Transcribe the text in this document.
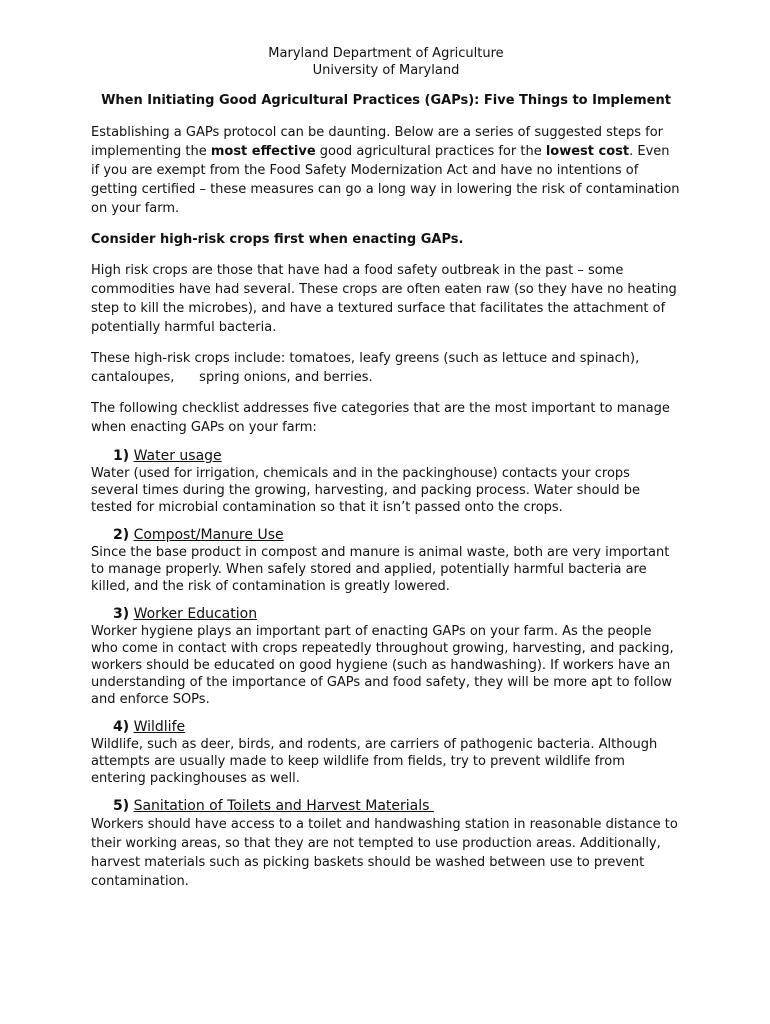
Maryland Department of Agriculture
University of Maryland
When Initiating Good Agricultural Practices (GAPs): Five Things to Implement

Establishing a GAPs protocol can be daunting. Below are a series of suggested steps for implementing the most effective good agricultural practices for the lowest cost. Even if you are exempt from the Food Safety Modernization Act and have no intentions of getting certified – these measures can go a long way in lowering the risk of contamination on your farm.

Consider high-risk crops first when enacting GAPs.

High risk crops are those that have had a food safety outbreak in the past – some commodities have had several. These crops are often eaten raw (so they have no heating step to kill the microbes), and have a textured surface that facilitates the attachment of potentially harmful bacteria.

These high-risk crops include: tomatoes, leafy greens (such as lettuce and spinach), cantaloupes,      spring onions, and berries.

The following checklist addresses five categories that are the most important to manage when enacting GAPs on your farm:

1) Water usage
Water (used for irrigation, chemicals and in the packinghouse) contacts your crops several times during the growing, harvesting, and packing process. Water should be tested for microbial contamination so that it isn’t passed onto the crops.
2) Compost/Manure Use
Since the base product in compost and manure is animal waste, both are very important to manage properly. When safely stored and applied, potentially harmful bacteria are killed, and the risk of contamination is greatly lowered.
3) Worker Education
Worker hygiene plays an important part of enacting GAPs on your farm. As the people who come in contact with crops repeatedly throughout growing, harvesting, and packing, workers should be educated on good hygiene (such as handwashing). If workers have an understanding of the importance of GAPs and food safety, they will be more apt to follow and enforce SOPs.
4) Wildlife
Wildlife, such as deer, birds, and rodents, are carriers of pathogenic bacteria. Although attempts are usually made to keep wildlife from fields, try to prevent wildlife from entering packinghouses as well.
5) Sanitation of Toilets and Harvest Materials
Workers should have access to a toilet and handwashing station in reasonable distance to their working areas, so that they are not tempted to use production areas. Additionally, harvest materials such as picking baskets should be washed between use to prevent contamination.
